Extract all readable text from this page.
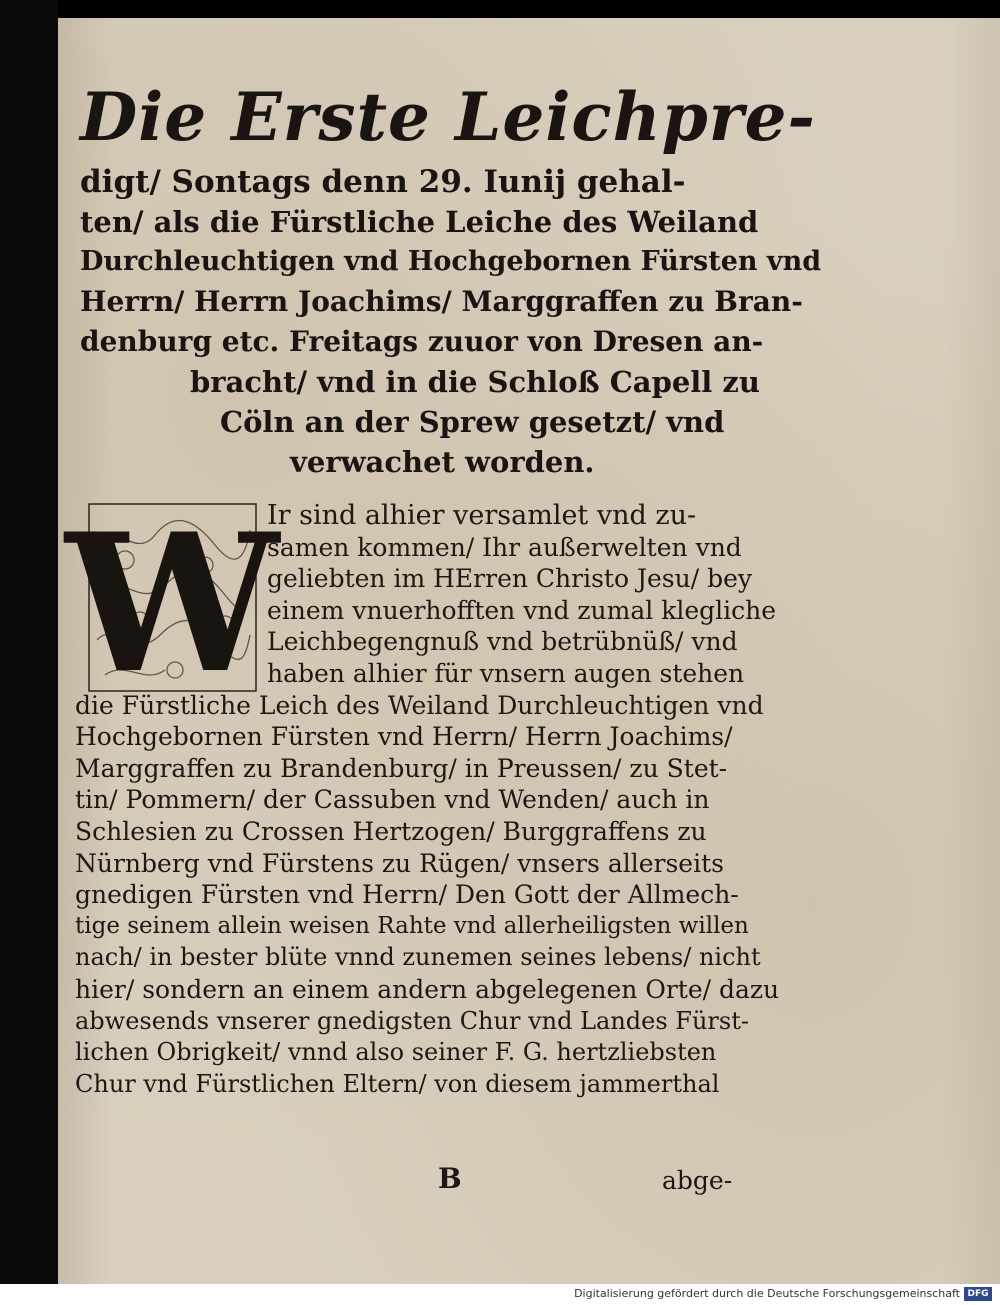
Die Erste Leichpre-

digt/ Sontags denn 29. Iunij gehal-

ten/ als die Fürstliche Leiche des Weiland

Durchleuchtigen vnd Hochgebornen Fürsten vnd

Herrn/ Herrn Joachims/ Marggraffen zu Bran-

denburg etc. Freitags zuuor von Dresen an-

bracht/ vnd in die Schloß Capell zu

Cöln an der Sprew gesetzt/ vnd

verwachet worden.

W

Ir sind alhier versamlet vnd zu-

samen kommen/ Ihr außerwelten vnd

geliebten im HErren Christo Jesu/ bey

einem vnuerhofften vnd zumal klegliche

Leichbegengnuß vnd betrübnüß/ vnd

haben alhier für vnsern augen stehen

die Fürstliche Leich des Weiland Durchleuchtigen vnd

Hochgebornen Fürsten vnd Herrn/ Herrn Joachims/

Marggraffen zu Brandenburg/ in Preussen/ zu Stet-

tin/ Pommern/ der Cassuben vnd Wenden/ auch in

Schlesien zu Crossen Hertzogen/ Burggraffens zu

Nürnberg vnd Fürstens zu Rügen/ vnsers allerseits

gnedigen Fürsten vnd Herrn/ Den Gott der Allmech-

tige seinem allein weisen Rahte vnd allerheiligsten willen

nach/ in bester blüte vnnd zunemen seines lebens/ nicht

hier/ sondern an einem andern abgelegenen Orte/ dazu

abwesends vnserer gnedigsten Chur vnd Landes Fürst-

lichen Obrigkeit/ vnnd also seiner F. G. hertzliebsten

Chur vnd Fürstlichen Eltern/ von diesem jammerthal

B	abge-
Digitalisierung gefördert durch die Deutsche Forschungsgemeinschaft DFG
